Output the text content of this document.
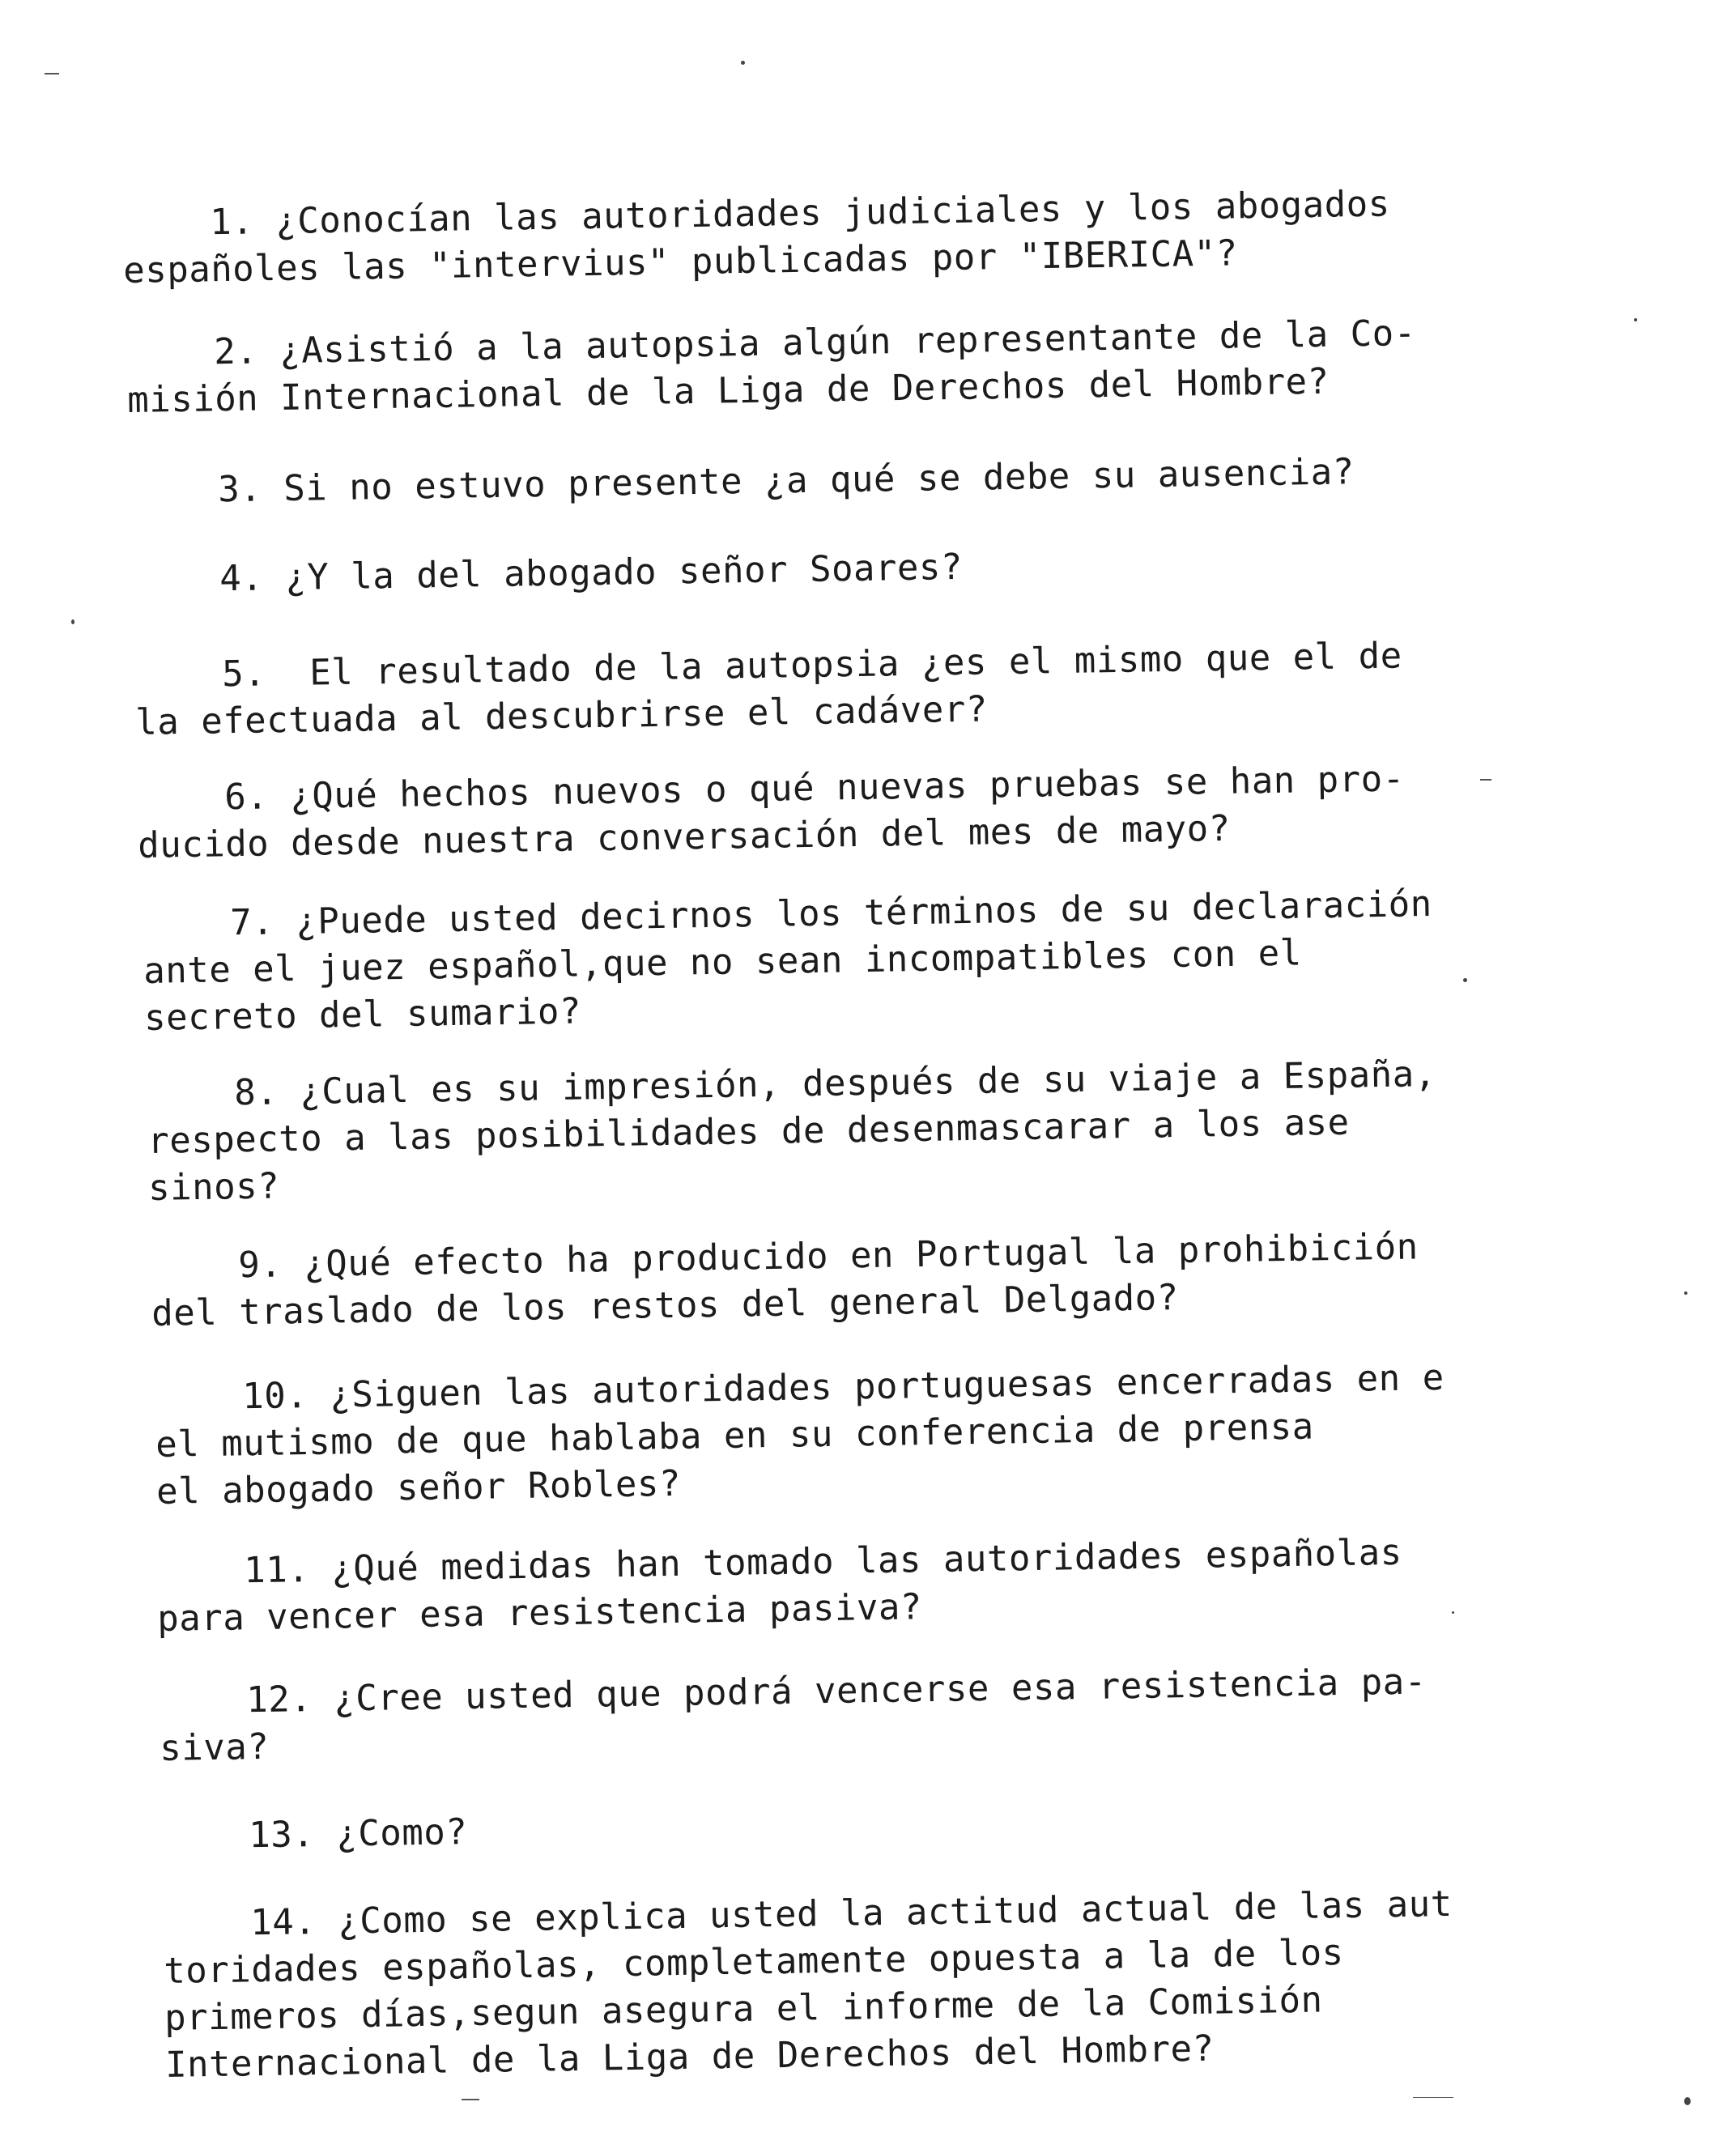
1. ¿Conocían las autoridades judiciales y los abogados
españoles las "intervius" publicadas por "IBERICA"?

2. ¿Asistió a la autopsia algún representante de la Co-
misión Internacional de la Liga de Derechos del Hombre?

3. Si no estuvo presente ¿a qué se debe su ausencia?

4. ¿Y la del abogado señor Soares?

5.  El resultado de la autopsia ¿es el mismo que el de
la efectuada al descubrirse el cadáver?

6. ¿Qué hechos nuevos o qué nuevas pruebas se han pro-
ducido desde nuestra conversación del mes de mayo?

7. ¿Puede usted decirnos los términos de su declaración
ante el juez español,que no sean incompatibles con el
secreto del sumario?

8. ¿Cual es su impresión, después de su viaje a España,
respecto a las posibilidades de desenmascarar a los ase
sinos?

9. ¿Qué efecto ha producido en Portugal la prohibición
del traslado de los restos del general Delgado?

10. ¿Siguen las autoridades portuguesas encerradas en e
el mutismo de que hablaba en su conferencia de prensa
el abogado señor Robles?

11. ¿Qué medidas han tomado las autoridades españolas
para vencer esa resistencia pasiva?

12. ¿Cree usted que podrá vencerse esa resistencia pa-
siva?

13. ¿Como?

14. ¿Como se explica usted la actitud actual de las aut
toridades españolas, completamente opuesta a la de los
primeros días,segun asegura el informe de la Comisión
Internacional de la Liga de Derechos del Hombre?
